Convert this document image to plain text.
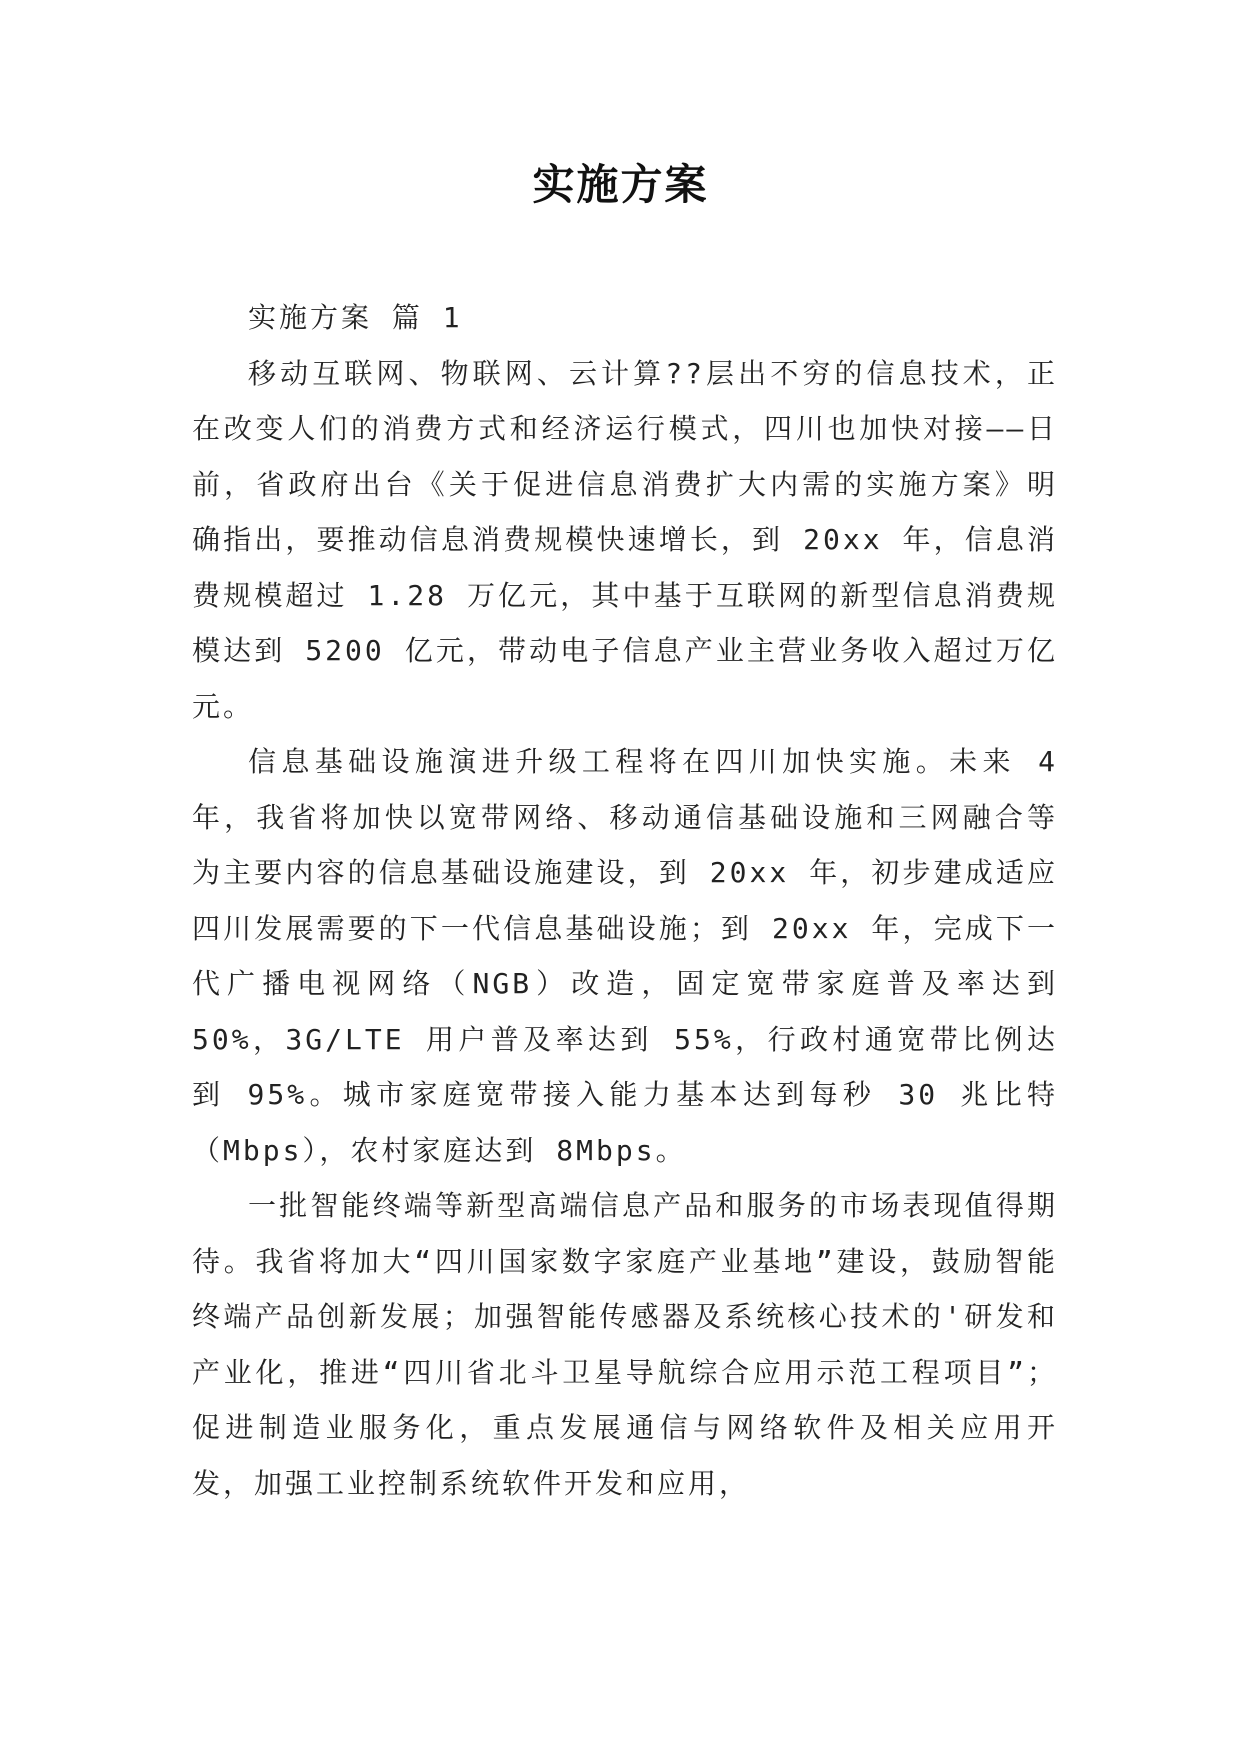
实施方案

实施方案 篇 1

移动互联网、物联网、云计算??层出不穷的信息技术，正在改变人们的消费方式和经济运行模式，四川也加快对接——日前，省政府出台《关于促进信息消费扩大内需的实施方案》明确指出，要推动信息消费规模快速增长，到 20xx 年，信息消费规模超过 1.28 万亿元，其中基于互联网的新型信息消费规模达到 5200 亿元，带动电子信息产业主营业务收入超过万亿元。

信息基础设施演进升级工程将在四川加快实施。未来 4 年，我省将加快以宽带网络、移动通信基础设施和三网融合等为主要内容的信息基础设施建设，到 20xx 年，初步建成适应四川发展需要的下一代信息基础设施；到 20xx 年，完成下一代广播电视网络（NGB）改造，固定宽带家庭普及率达到 50%，3G/LTE 用户普及率达到 55%，行政村通宽带比例达到 95%。城市家庭宽带接入能力基本达到每秒 30 兆比特（Mbps），农村家庭达到 8Mbps。

一批智能终端等新型高端信息产品和服务的市场表现值得期待。我省将加大“四川国家数字家庭产业基地”建设，鼓励智能终端产品创新发展；加强智能传感器及系统核心技术的'研发和产业化，推进“四川省北斗卫星导航综合应用示范工程项目”；促进制造业服务化，重点发展通信与网络软件及相关应用开发，加强工业控制系统软件开发和应用，
